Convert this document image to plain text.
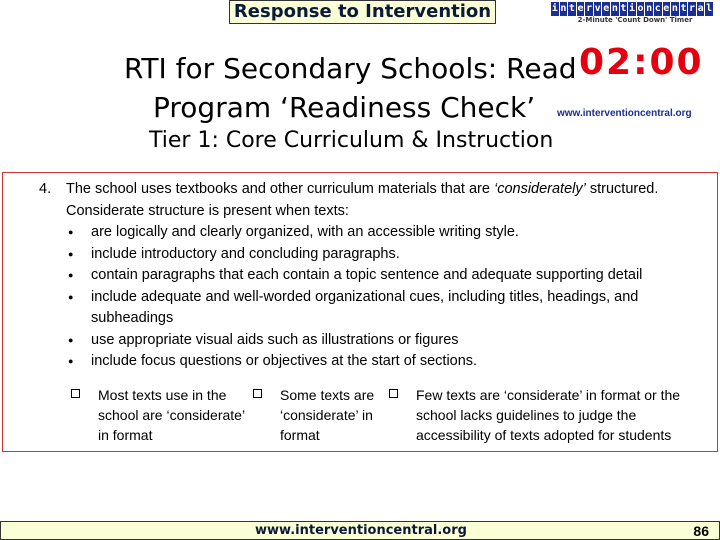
Response to Intervention	i n t e r v e n t i o n c e n t r a l
2-Minute 'Count Down' Timer
02:00
www.interventioncentral.org
RTI for Secondary Schools: Read
Program ‘Readiness Check’
Tier 1: Core Curriculum & Instruction
4. The school uses textbooks and other curriculum materials that are ‘considerately’ structured. Considerate structure is present when texts:
● are logically and clearly organized, with an accessible writing style.
● include introductory and concluding paragraphs.
● contain paragraphs that each contain a topic sentence and adequate supporting detail
● include adequate and well-worded organizational cues, including titles, headings, and subheadings
● use appropriate visual aids such as illustrations or figures
● include focus questions or objectives at the start of sections.
Most texts use in the school are ‘considerate’ in format
Some texts are ‘considerate’ in format
Few texts are ‘considerate’ in format or the school lacks guidelines to judge the accessibility of texts adopted for students
www.interventioncentral.org	86
